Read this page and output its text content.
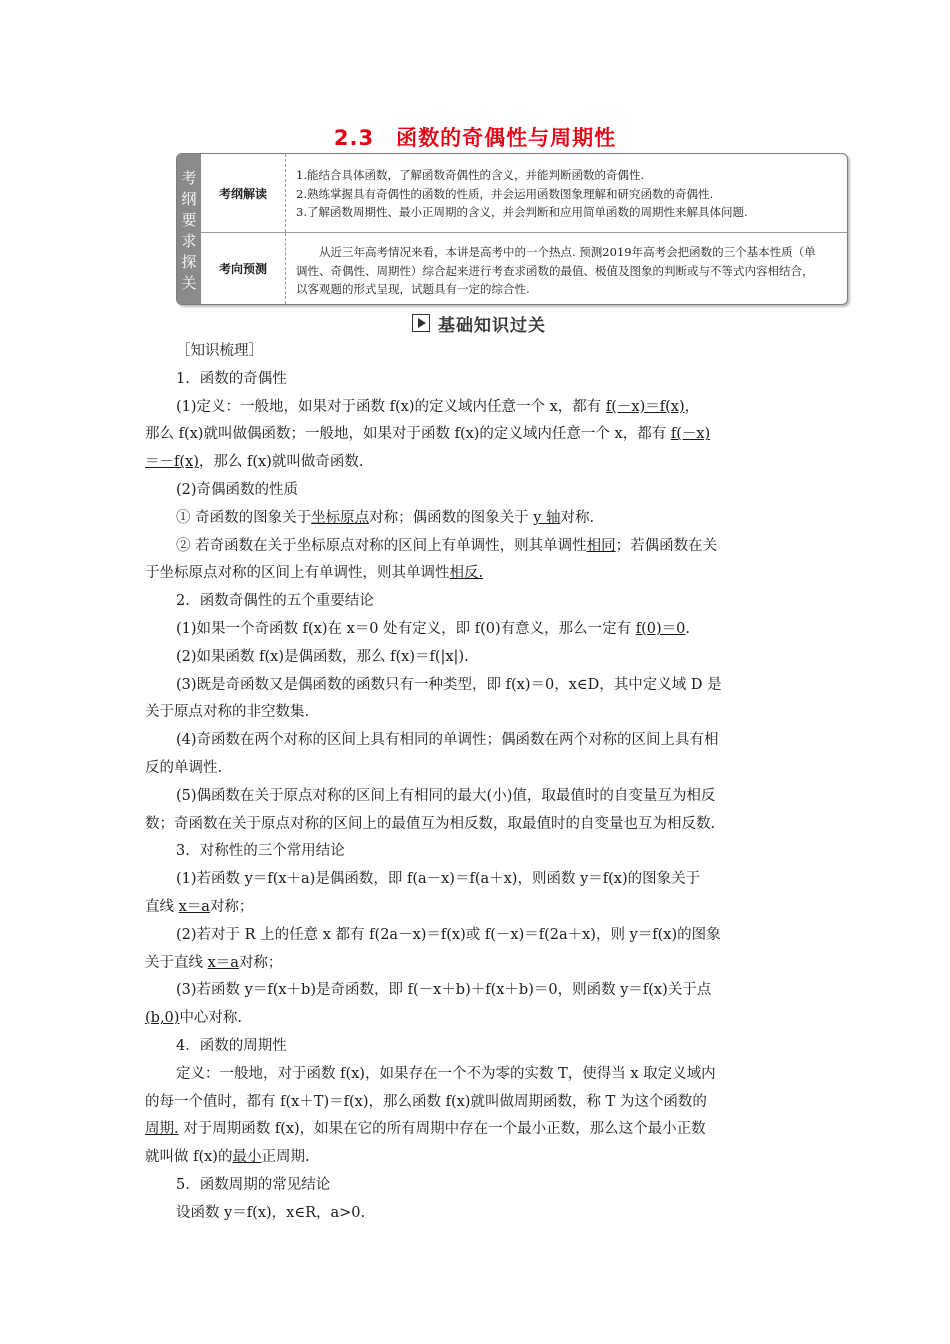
2.3　函数的奇偶性与周期性
考
纲
要
求
探
关
考纲解读
1.能结合具体函数，了解函数奇偶性的含义，并能判断函数的奇偶性.
2.熟练掌握具有奇偶性的函数的性质，并会运用函数图象理解和研究函数的奇偶性.
3.了解函数周期性、最小正周期的含义，并会判断和应用简单函数的周期性来解具体问题.
考向预测
从近三年高考情况来看，本讲是高考中的一个热点. 预测2019年高考会把函数的三个基本性质（单
调性、奇偶性、周期性）综合起来进行考查求函数的最值、极值及图象的判断或与不等式内容相结合，
以客观题的形式呈现，试题具有一定的综合性.
基础知识过关
［知识梳理］
1．函数的奇偶性
(1)定义：一般地，如果对于函数 f(x)的定义域内任意一个 x，都有 f(－x)＝f(x)，
那么 f(x)就叫做偶函数；一般地，如果对于函数 f(x)的定义域内任意一个 x，都有 f(－x)
＝－f(x)，那么 f(x)就叫做奇函数.
(2)奇偶函数的性质
① 奇函数的图象关于坐标原点对称；偶函数的图象关于 y 轴对称.
② 若奇函数在关于坐标原点对称的区间上有单调性，则其单调性相同；若偶函数在关
于坐标原点对称的区间上有单调性，则其单调性相反.
2．函数奇偶性的五个重要结论
(1)如果一个奇函数 f(x)在 x＝0 处有定义，即 f(0)有意义，那么一定有 f(0)＝0.
(2)如果函数 f(x)是偶函数，那么 f(x)＝f(|x|).
(3)既是奇函数又是偶函数的函数只有一种类型，即 f(x)＝0，x∈D，其中定义域 D 是
关于原点对称的非空数集.
(4)奇函数在两个对称的区间上具有相同的单调性；偶函数在两个对称的区间上具有相
反的单调性.
(5)偶函数在关于原点对称的区间上有相同的最大(小)值，取最值时的自变量互为相反
数；奇函数在关于原点对称的区间上的最值互为相反数，取最值时的自变量也互为相反数.
3．对称性的三个常用结论
(1)若函数 y＝f(x＋a)是偶函数，即 f(a－x)＝f(a＋x)，则函数 y＝f(x)的图象关于
直线 x＝a对称；
(2)若对于 R 上的任意 x 都有 f(2a－x)＝f(x)或 f(－x)＝f(2a＋x)，则 y＝f(x)的图象
关于直线 x＝a对称；
(3)若函数 y＝f(x＋b)是奇函数，即 f(－x＋b)＋f(x＋b)＝0，则函数 y＝f(x)关于点
(b,0)中心对称.
4．函数的周期性
定义：一般地，对于函数 f(x)，如果存在一个不为零的实数 T，使得当 x 取定义域内
的每一个值时，都有 f(x＋T)＝f(x)，那么函数 f(x)就叫做周期函数，称 T 为这个函数的
周期. 对于周期函数 f(x)，如果在它的所有周期中存在一个最小正数，那么这个最小正数
就叫做 f(x)的最小正周期.
5．函数周期的常见结论
设函数 y＝f(x)，x∈R，a>0.
